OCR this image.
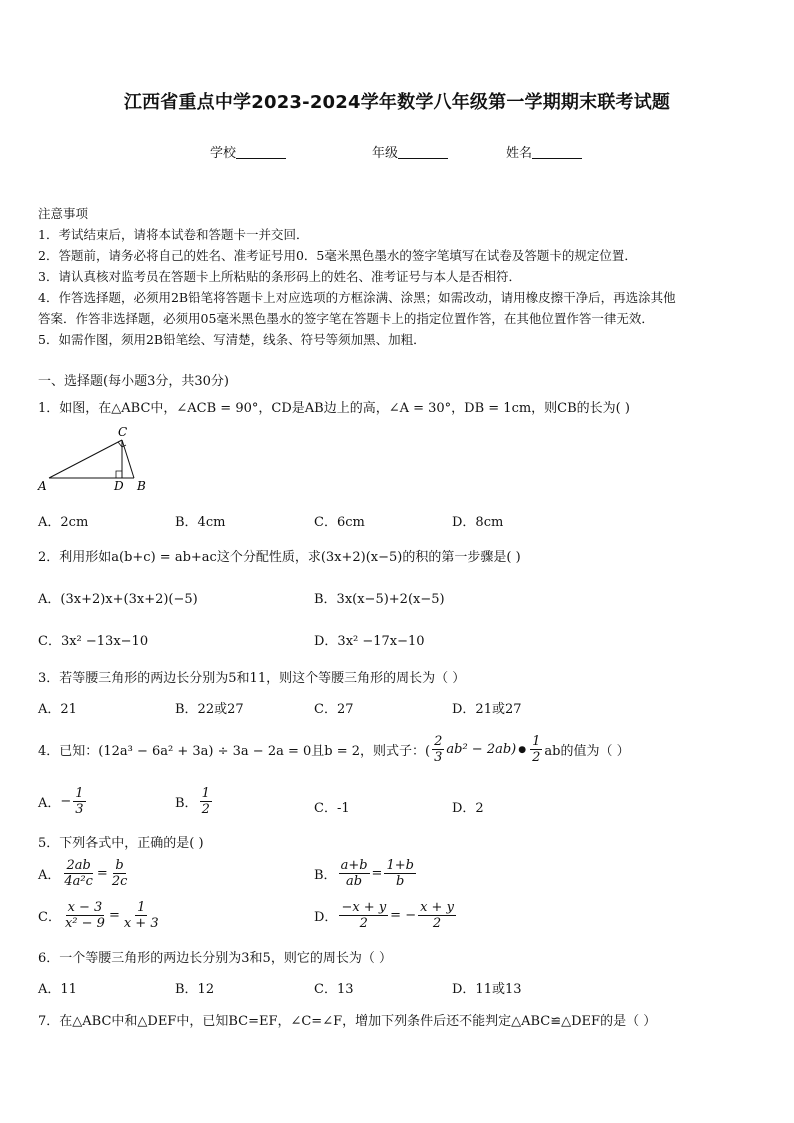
江西省重点中学2023-2024学年数学八年级第一学期期末联考试题
学校	年级	姓名
注意事项
1．考试结束后，请将本试卷和答题卡一并交回．
2．答题前，请务必将自己的姓名、准考证号用0．5毫米黑色墨水的签字笔填写在试卷及答题卡的规定位置．
3．请认真核对监考员在答题卡上所粘贴的条形码上的姓名、准考证号与本人是否相符．
4．作答选择题，必须用2B铅笔将答题卡上对应选项的方框涂满、涂黑；如需改动，请用橡皮擦干净后，再选涂其他
答案．作答非选择题，必须用05毫米黑色墨水的签字笔在答题卡上的指定位置作答，在其他位置作答一律无效．
5．如需作图，须用2B铅笔绘、写清楚，线条、符号等须加黑、加粗．
一、选择题(每小题3分，共30分)
1．如图，在△ABC中，∠ACB = 90°，CD是AB边上的高，∠A = 30°，DB = 1cm，则CB的长为( )
A
C
D B
A．2cm	B．4cm	C．6cm	D．8cm
2．利用形如a(b+c) = ab+ac这个分配性质，求(3x+2)(x−5)的积的第一步骤是( )
A．(3x+2)x+(3x+2)(−5)	B．3x(x−5)+2(x−5)
C．3x² −13x−10	D．3x² −17x−10
3．若等腰三角形的两边长分别为5和11，则这个等腰三角形的周长为（ ）
A．21	B．22或27	C．27	D．21或27
4．已知：(12a³ − 6a² + 3a) ÷ 3a − 2a = 0且b = 2，则式子：( $\frac{2}{3} ab^2 - 2ab$) ● $\frac{1}{2}$ ab的值为（ ）
A． − $\frac{1}{3}$	B． $\frac{1}{2}$	C．-1	D．2
5．下列各式中，正确的是( )
A． $\frac{2ab}{\text{4a²c}} = \frac{b}{2c}$	B． $\frac{a+b}{ab} = \frac{1+b}{b}$
C． $\frac{x - 3}{\text{x² − 9}} = \frac{1}{x + 3}$	D． $\frac{-x + y}{2}$ = − $\frac{x + y}{2}$
6．一个等腰三角形的两边长分别为3和5，则它的周长为（ ）
A．11	B．12	C．13	D．11或13
7．在△ABC中和△DEF中，已知BC=EF，∠C=∠F，增加下列条件后还不能判定△ABC≌△DEF的是（ ）
